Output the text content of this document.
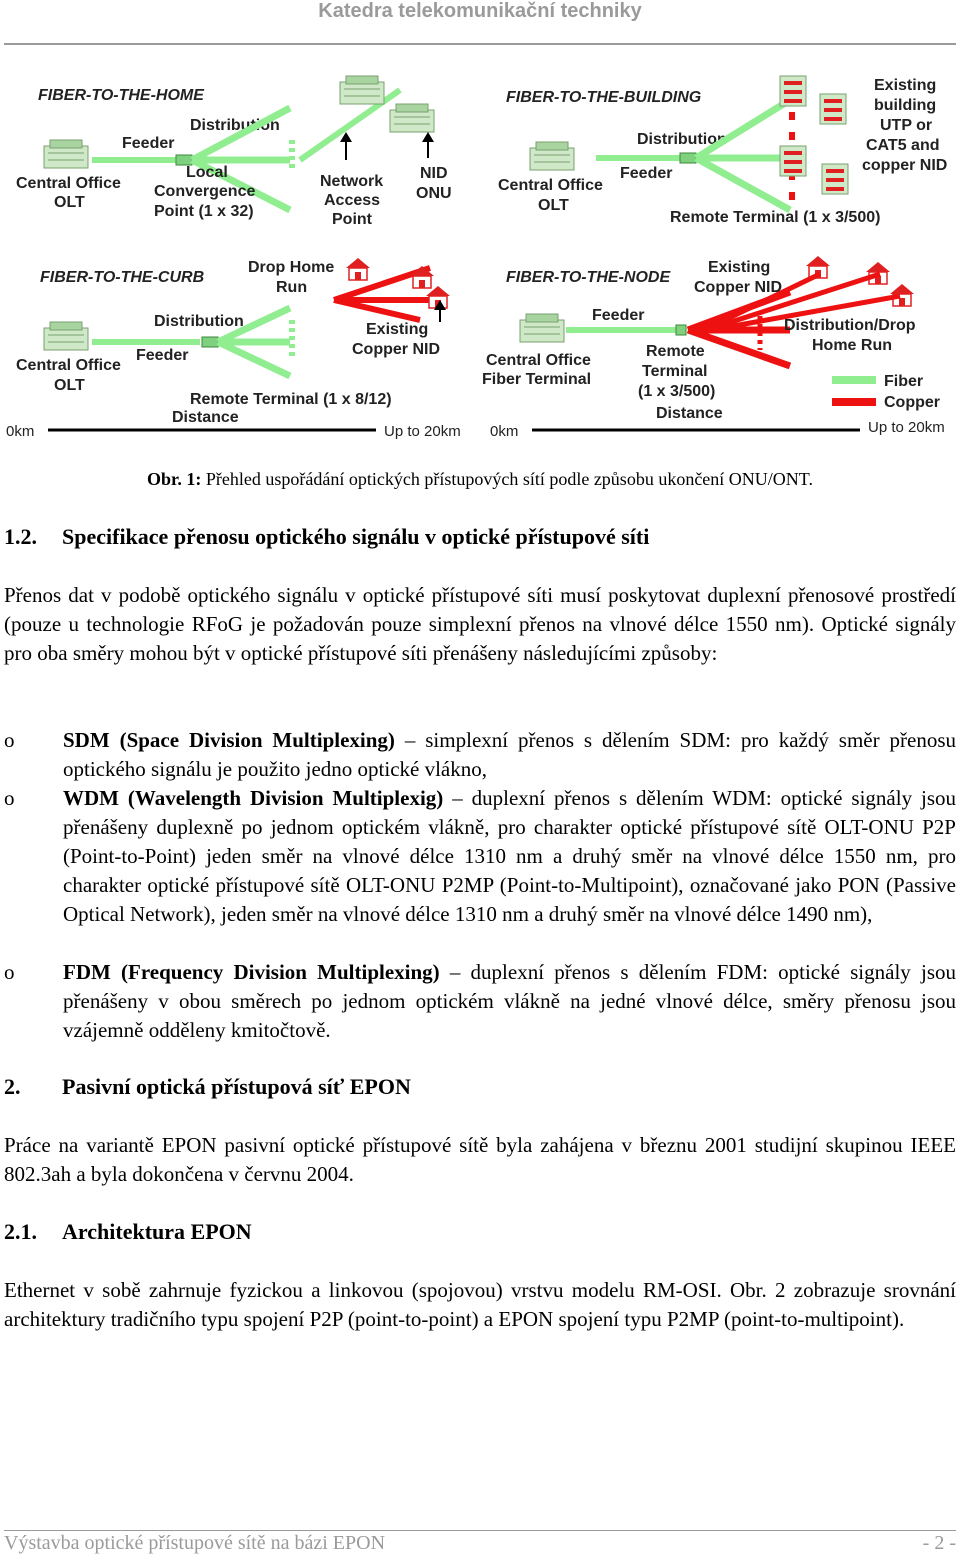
Katedra telekomunikační techniky
FIBER-TO-THE-HOME
Central Office
OLT
Feeder
Distribution
Local
Convergence
Point (1 x 32)
Network
Access
Point
NID
ONU
FIBER-TO-THE-BUILDING
Central Office
OLT
Feeder
Distribution
Existing
building
UTP or
CAT5 and
copper NID
Remote Terminal (1 x 3/500)
FIBER-TO-THE-CURB
Central Office
OLT
Feeder
Distribution
Drop Home
Run
Existing
Copper NID
Remote Terminal (1 x 8/12)
Distance
FIBER-TO-THE-NODE
Central Office
Fiber Terminal
Feeder
Existing
Copper NID
Remote
Terminal
(1 x 3/500)
Distance
Distribution/Drop
Home Run
Fiber
Copper
0km	Up to 20km 0km	Up to 20km
Obr. 1: Přehled uspořádání optických přístupových sítí podle způsobu ukončení ONU/ONT.
1.2. Specifikace přenosu optického signálu v optické přístupové síti
Přenos dat v podobě optického signálu v optické přístupové síti musí poskytovat duplexní přenosové prostředí (pouze u technologie RFoG je požadován pouze simplexní přenos na vlnové délce 1550 nm). Optické signály pro oba směry mohou být v optické přístupové síti přenášeny následujícími způsoby:
o SDM (Space Division Multiplexing) – simplexní přenos s dělením SDM: pro každý směr přenosu optického signálu je použito jedno optické vlákno,
o WDM (Wavelength Division Multiplexig) – duplexní přenos s dělením WDM: optické signály jsou přenášeny duplexně po jednom optickém vlákně, pro charakter optické přístupové sítě OLT-ONU P2P (Point-to-Point) jeden směr na vlnové délce 1310 nm a druhý směr na vlnové délce 1550 nm, pro charakter optické přístupové sítě OLT-ONU P2MP (Point-to-Multipoint), označované jako PON (Passive Optical Network), jeden směr na vlnové délce 1310 nm a druhý směr na vlnové délce 1490 nm),
o FDM (Frequency Division Multiplexing) – duplexní přenos s dělením FDM: optické signály jsou přenášeny v obou směrech po jednom optickém vlákně na jedné vlnové délce, směry přenosu jsou vzájemně odděleny kmitočtově.
2. Pasivní optická přístupová síť EPON
Práce na variantě EPON pasivní optické přístupové sítě byla zahájena v březnu 2001 studijní skupinou IEEE 802.3ah a byla dokončena v červnu 2004.
2.1. Architektura EPON
Ethernet v sobě zahrnuje fyzickou a linkovou (spojovou) vrstvu modelu RM-OSI. Obr. 2 zobrazuje srovnání architektury tradičního typu spojení P2P (point-to-point) a EPON spojení typu P2MP (point-to-multipoint).
Výstavba optické přístupové sítě na bázi EPON	- 2 -
